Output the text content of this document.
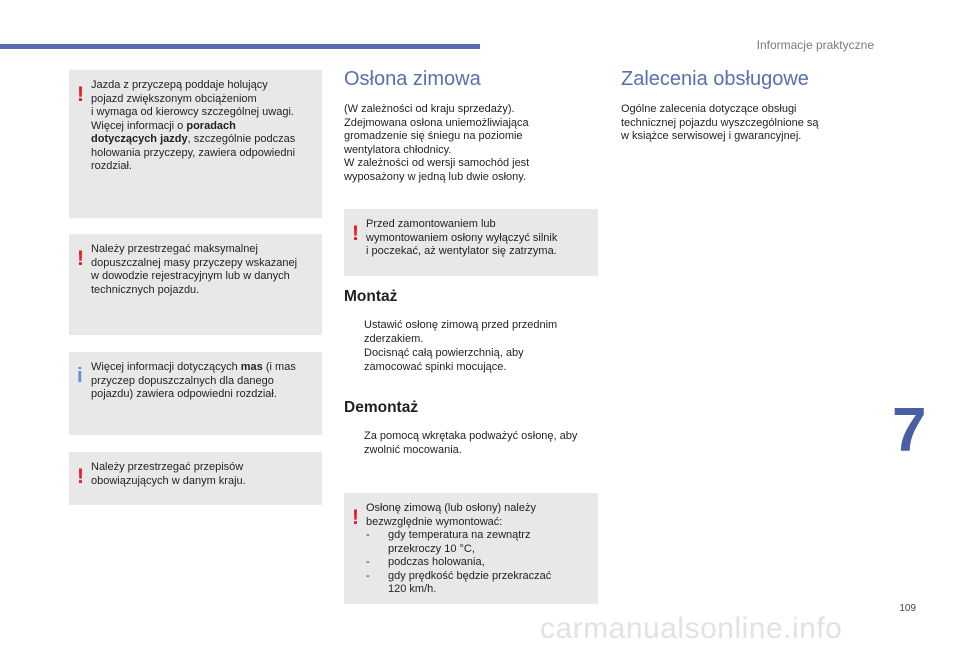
Informacje praktyczne
7
109
carmanualsonline.info
! Jazda z przyczepą poddaje holujący
pojazd zwiększonym obciążeniom
i wymaga od kierowcy szczególnej uwagi.
Więcej informacji o poradach
dotyczących jazdy, szczególnie podczas
holowania przyczepy, zawiera odpowiedni
rozdział.

! Należy przestrzegać maksymalnej
dopuszczalnej masy przyczepy wskazanej
w dowodzie rejestracyjnym lub w danych
technicznych pojazdu.

i Więcej informacji dotyczących mas (i mas
przyczep dopuszczalnych dla danego
pojazdu) zawiera odpowiedni rozdział.

! Należy przestrzegać przepisów
obowiązujących w danym kraju.

Osłona zimowa

(W zależności od kraju sprzedaży).
Zdejmowana osłona uniemożliwiająca
gromadzenie się śniegu na poziomie
wentylatora chłodnicy.
W zależności od wersji samochód jest
wyposażony w jedną lub dwie osłony.

! Przed zamontowaniem lub
wymontowaniem osłony wyłączyć silnik
i poczekać, aż wentylator się zatrzyma.

Montaż
Ustawić osłonę zimową przed przednim
zderzakiem.
Docisnąć całą powierzchnią, aby
zamocować spinki mocujące.
Demontaż
Za pomocą wkrętaka podważyć osłonę, aby
zwolnić mocowania.
! Osłonę zimową (lub osłony) należy
bezwzględnie wymontować:

- gdy temperatura na zewnątrz
przekroczy 10 °C,
- podczas holowania,
- gdy prędkość będzie przekraczać
120 km/h.
Zalecenia obsługowe

Ogólne zalecenia dotyczące obsługi
technicznej pojazdu wyszczególnione są
w książce serwisowej i gwarancyjnej.
